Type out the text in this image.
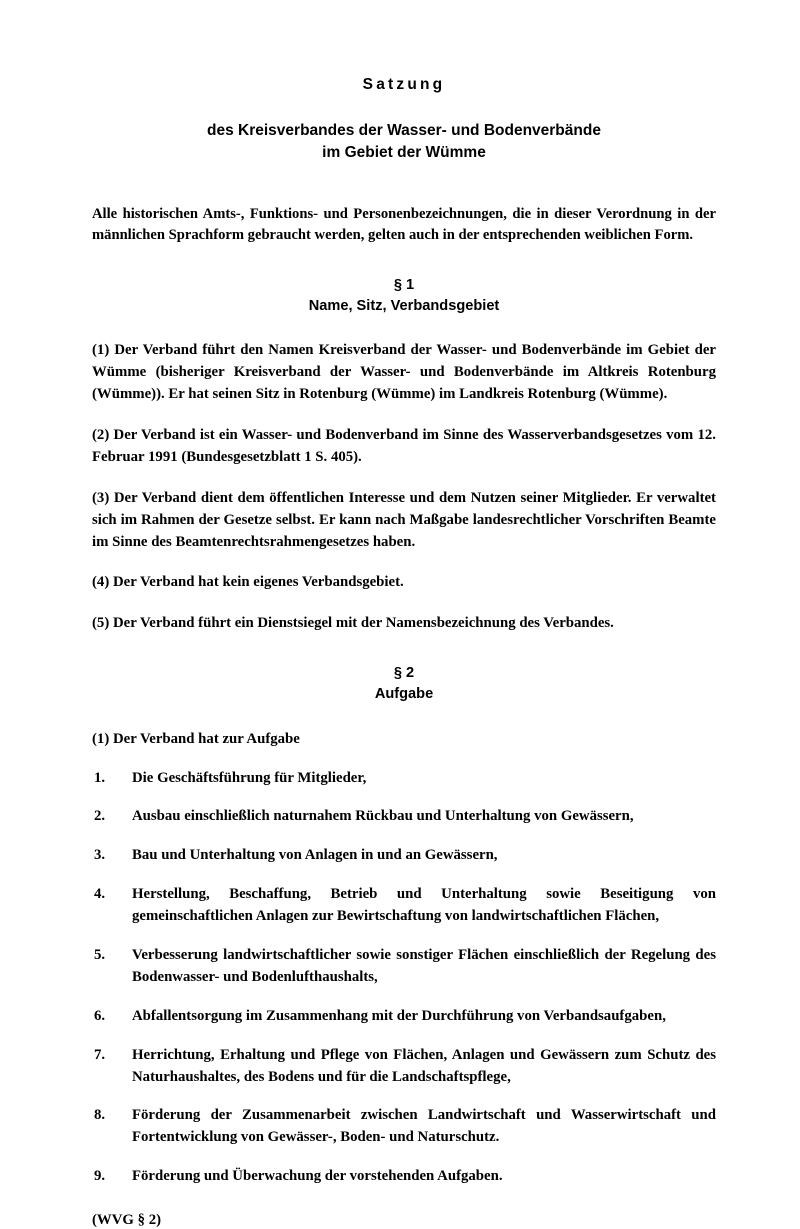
Satzung
des Kreisverbandes der Wasser- und Bodenverbände
im Gebiet der Wümme

Alle historischen Amts-, Funktions- und Personenbezeichnungen, die in dieser Verordnung in der männlichen Sprachform gebraucht werden, gelten auch in der entsprechenden weiblichen Form.

§ 1
Name, Sitz, Verbandsgebiet

(1) Der Verband führt den Namen Kreisverband der Wasser- und Bodenverbände im Gebiet der Wümme (bisheriger Kreisverband der Wasser- und Bodenverbände im Altkreis Rotenburg (Wümme)). Er hat seinen Sitz in Rotenburg (Wümme) im Landkreis Rotenburg (Wümme).

(2) Der Verband ist ein Wasser- und Bodenverband im Sinne des Wasserverbandsgesetzes vom 12. Februar 1991 (Bundesgesetzblatt 1 S. 405).

(3) Der Verband dient dem öffentlichen Interesse und dem Nutzen seiner Mitglieder. Er verwaltet sich im Rahmen der Gesetze selbst. Er kann nach Maßgabe landesrechtlicher Vorschriften Beamte im Sinne des Beamtenrechtsrahmengesetzes haben.

(4) Der Verband hat kein eigenes Verbandsgebiet.

(5) Der Verband führt ein Dienstsiegel mit der Namensbezeichnung des Verbandes.

§ 2
Aufgabe

(1) Der Verband hat zur Aufgabe

1.	Die Geschäftsführung für Mitglieder,
2.	Ausbau einschließlich naturnahem Rückbau und Unterhaltung von Gewässern,
3.	Bau und Unterhaltung von Anlagen in und an Gewässern,
4.	Herstellung, Beschaffung, Betrieb und Unterhaltung sowie Beseitigung von gemeinschaftlichen Anlagen zur Bewirtschaftung von landwirtschaftlichen Flächen,
5.	Verbesserung landwirtschaftlicher sowie sonstiger Flächen einschließlich der Regelung des Bodenwasser- und Bodenlufthaushalts,
6.	Abfallentsorgung im Zusammenhang mit der Durchführung von Verbandsaufgaben,
7.	Herrichtung, Erhaltung und Pflege von Flächen, Anlagen und Gewässern zum Schutz des Naturhaushaltes, des Bodens und für die Landschaftspflege,
8.	Förderung der Zusammenarbeit zwischen Landwirtschaft und Wasserwirtschaft und Fortentwicklung von Gewässer-, Boden- und Naturschutz.
9.	Förderung und Überwachung der vorstehenden Aufgaben.

(WVG § 2)
